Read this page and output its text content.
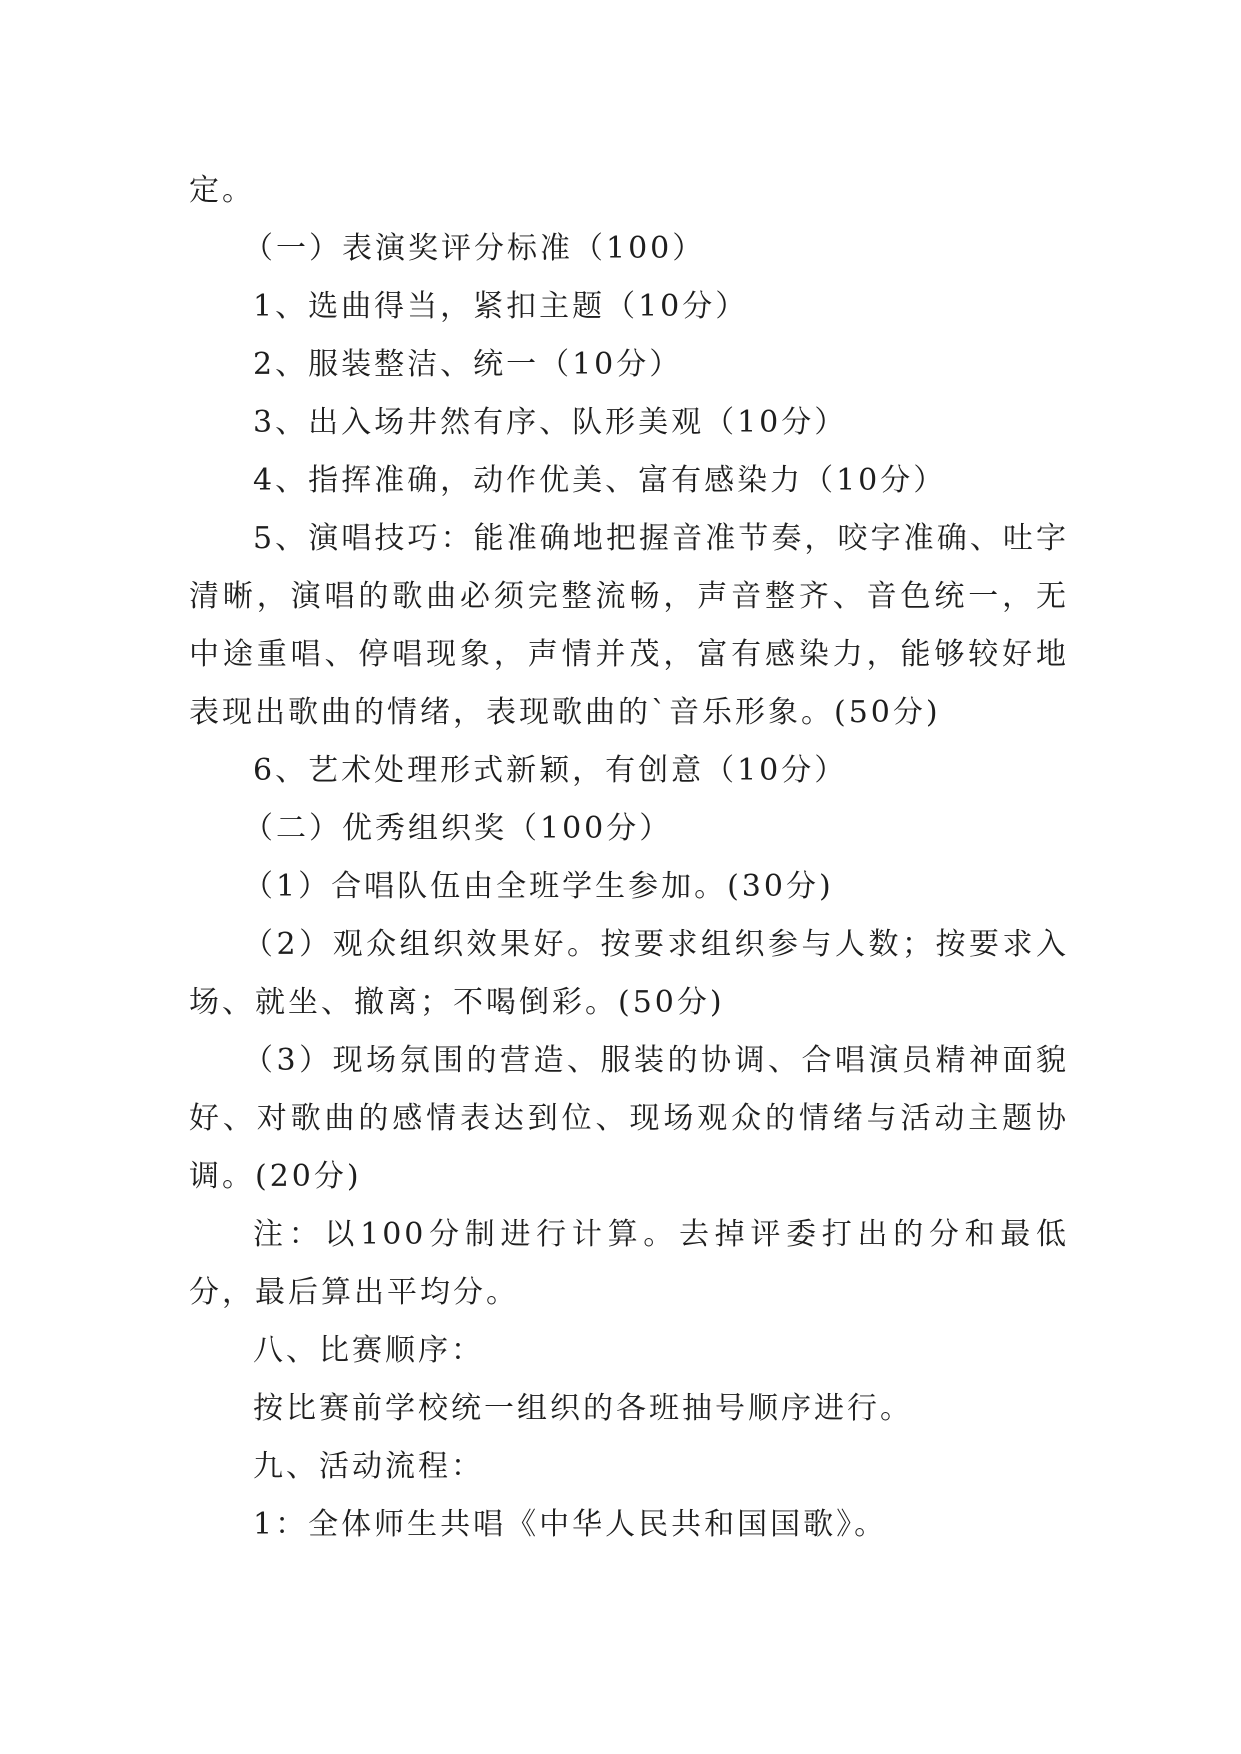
定。

（一）表演奖评分标准（100）

1、选曲得当，紧扣主题（10分）

2、服装整洁、统一（10分）

3、出入场井然有序、队形美观（10分）

4、指挥准确，动作优美、富有感染力（10分）

5、演唱技巧：能准确地把握音准节奏，咬字准确、吐字清晰，演唱的歌曲必须完整流畅，声音整齐、音色统一，无中途重唱、停唱现象，声情并茂，富有感染力，能够较好地表现出歌曲的情绪，表现歌曲的`音乐形象。(50分)

6、艺术处理形式新颖，有创意（10分）

（二）优秀组织奖（100分）

（1）合唱队伍由全班学生参加。(30分)

（2）观众组织效果好。按要求组织参与人数；按要求入场、就坐、撤离；不喝倒彩。(50分)

（3）现场氛围的营造、服装的协调、合唱演员精神面貌好、对歌曲的感情表达到位、现场观众的情绪与活动主题协调。(20分)

注：以100分制进行计算。去掉评委打出的分和最低分，最后算出平均分。

八、比赛顺序：

按比赛前学校统一组织的各班抽号顺序进行。

九、活动流程：

1：全体师生共唱《中华人民共和国国歌》。
